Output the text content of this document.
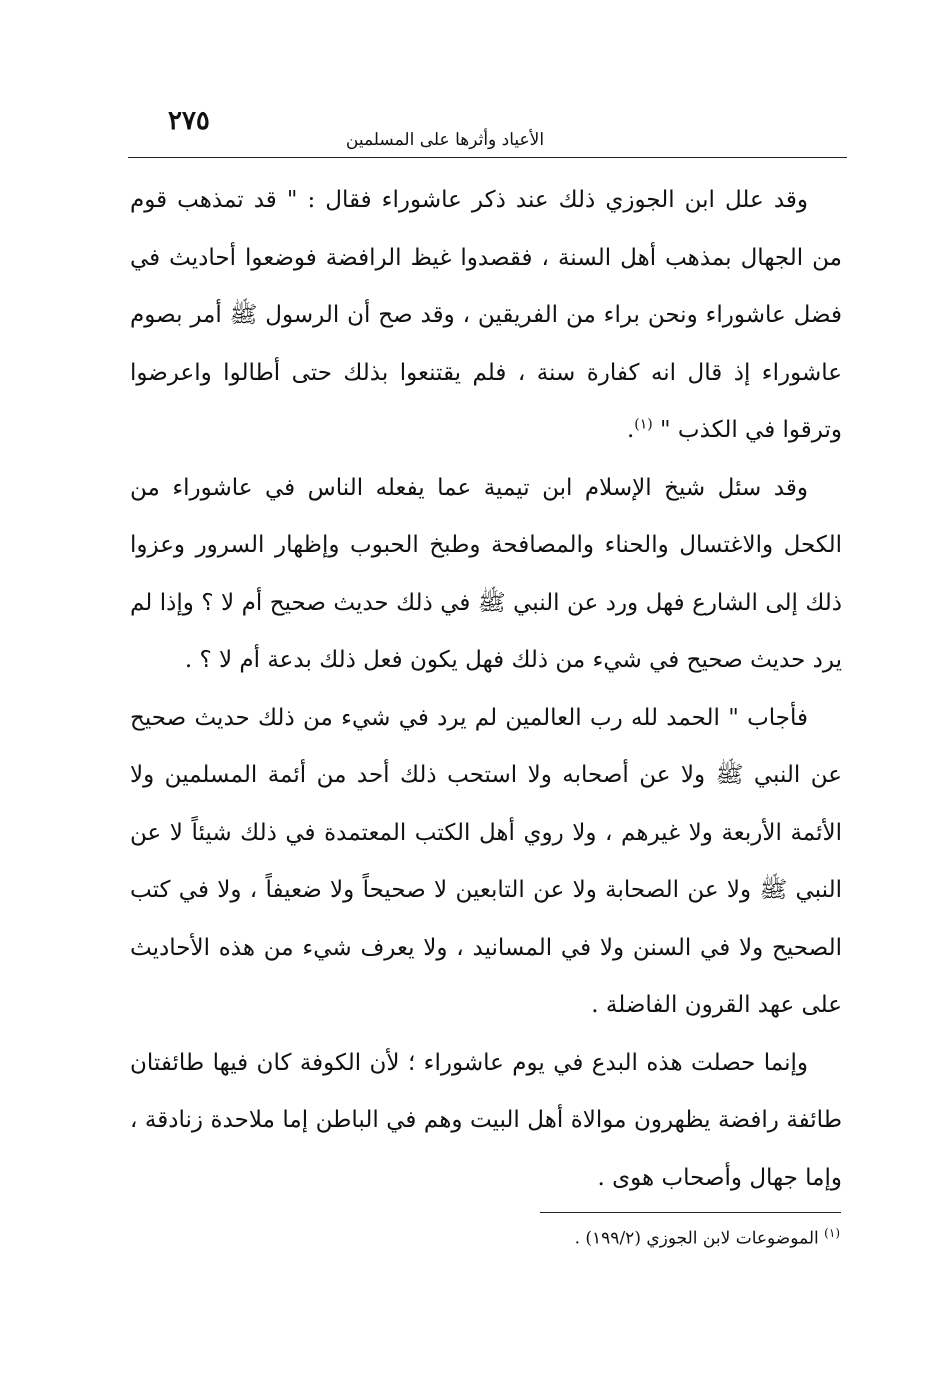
٢٧٥
الأعياد وأثرها على المسلمين

وقد علل ابن الجوزي ذلك عند ذكر عاشوراء فقال : " قد تمذهب قوم من الجهال بمذهب أهل السنة ، فقصدوا غيظ الرافضة فوضعوا أحاديث في فضل عاشوراء ونحن براء من الفريقين ، وقد صح أن الرسول ﷺ أمر بصوم عاشوراء إذ قال انه كفارة سنة ، فلم يقتنعوا بذلك حتى أطالوا واعرضوا وترقوا في الكذب " $^{(١)}$.

وقد سئل شيخ الإسلام ابن تيمية عما يفعله الناس في عاشوراء من الكحل والاغتسال والحناء والمصافحة وطبخ الحبوب وإظهار السرور وعزوا ذلك إلى الشارع فهل ورد عن النبي ﷺ في ذلك حديث صحيح أم لا ؟ وإذا لم يرد حديث صحيح في شيء من ذلك فهل يكون فعل ذلك بدعة أم لا ؟ .

فأجاب " الحمد لله رب العالمين لم يرد في شيء من ذلك حديث صحيح عن النبي ﷺ ولا عن أصحابه ولا استحب ذلك أحد من أئمة المسلمين ولا الأئمة الأربعة ولا غيرهم ، ولا روي أهل الكتب المعتمدة في ذلك شيئاً لا عن النبي ﷺ ولا عن الصحابة ولا عن التابعين لا صحيحاً ولا ضعيفاً ، ولا في كتب الصحيح ولا في السنن ولا في المسانيد ، ولا يعرف شيء من هذه الأحاديث على عهد القرون الفاضلة .

وإنما حصلت هذه البدع في يوم عاشوراء ؛ لأن الكوفة كان فيها طائفتان طائفة رافضة يظهرون موالاة أهل البيت وهم في الباطن إما ملاحدة زنادقة ، وإما جهال وأصحاب هوى .

$^{(١)}$ الموضوعات لابن الجوزي (١٩٩/٢) .
